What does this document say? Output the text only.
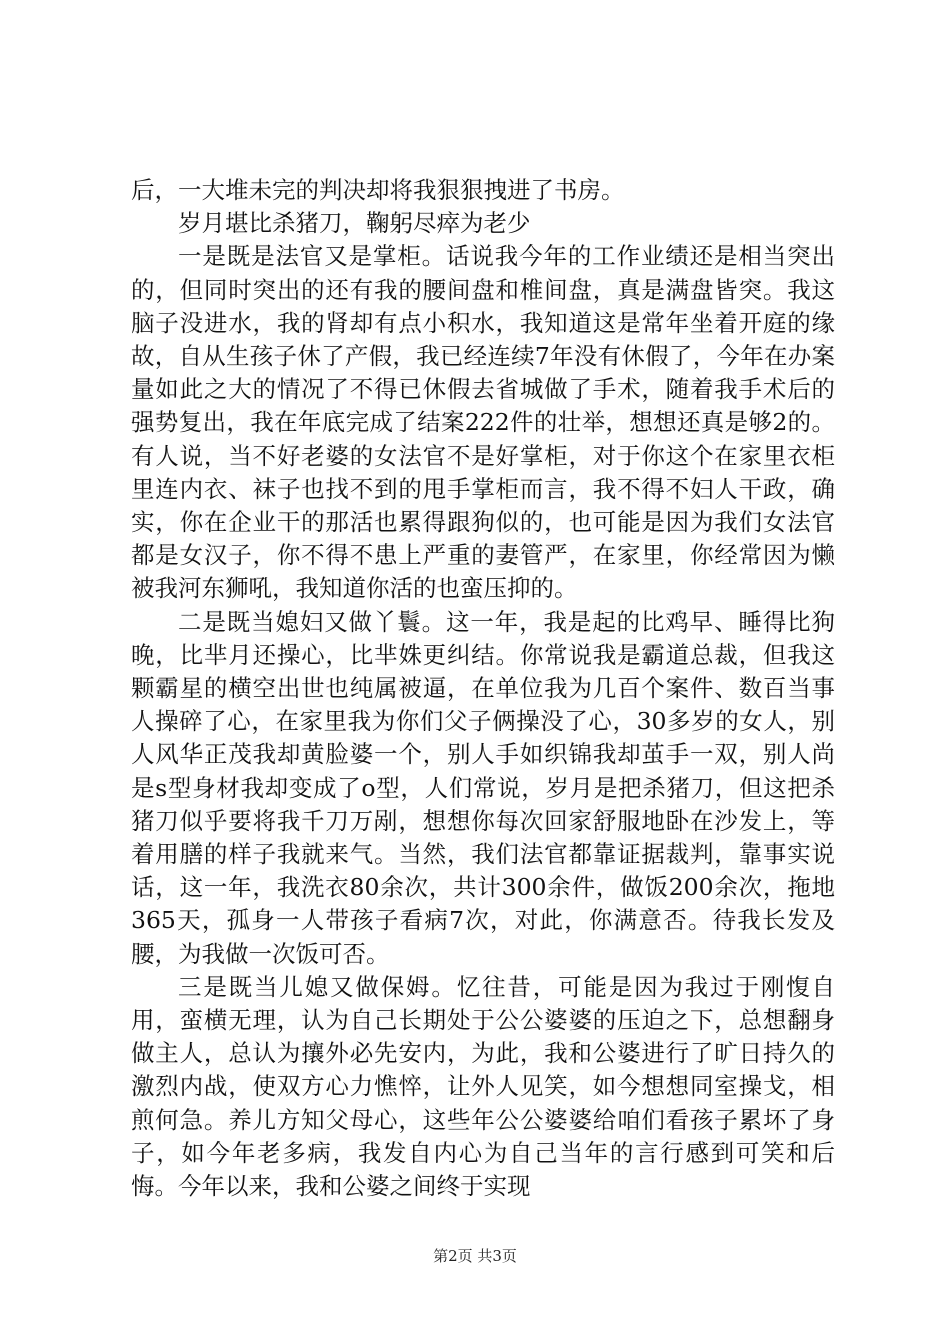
后，一大堆未完的判决却将我狠狠拽进了书房。

岁月堪比杀猪刀，鞠躬尽瘁为老少

一是既是法官又是掌柜。话说我今年的工作业绩还是相当突出的，但同时突出的还有我的腰间盘和椎间盘，真是满盘皆突。我这脑子没进水，我的肾却有点小积水，我知道这是常年坐着开庭的缘故，自从生孩子休了产假，我已经连续7年没有休假了，今年在办案量如此之大的情况了不得已休假去省城做了手术，随着我手术后的强势复出，我在年底完成了结案222件的壮举，想想还真是够2的。有人说，当不好老婆的女法官不是好掌柜，对于你这个在家里衣柜里连内衣、袜子也找不到的甩手掌柜而言，我不得不妇人干政，确实，你在企业干的那活也累得跟狗似的，也可能是因为我们女法官都是女汉子，你不得不患上严重的妻管严，在家里，你经常因为懒被我河东狮吼，我知道你活的也蛮压抑的。

二是既当媳妇又做丫鬟。这一年，我是起的比鸡早、睡得比狗晚，比芈月还操心，比芈姝更纠结。你常说我是霸道总裁，但我这颗霸星的横空出世也纯属被逼，在单位我为几百个案件、数百当事人操碎了心，在家里我为你们父子俩操没了心，30多岁的女人，别人风华正茂我却黄脸婆一个，别人手如织锦我却茧手一双，别人尚是s型身材我却变成了o型，人们常说，岁月是把杀猪刀，但这把杀猪刀似乎要将我千刀万剐，想想你每次回家舒服地卧在沙发上，等着用膳的样子我就来气。当然，我们法官都靠证据裁判，靠事实说话，这一年，我洗衣80余次，共计300余件，做饭200余次，拖地365天，孤身一人带孩子看病7次，对此，你满意否。待我长发及腰，为我做一次饭可否。

三是既当儿媳又做保姆。忆往昔，可能是因为我过于刚愎自用，蛮横无理，认为自己长期处于公公婆婆的压迫之下，总想翻身做主人，总认为攘外必先安内，为此，我和公婆进行了旷日持久的激烈内战，使双方心力憔悴，让外人见笑，如今想想同室操戈，相煎何急。养儿方知父母心，这些年公公婆婆给咱们看孩子累坏了身子，如今年老多病，我发自内心为自己当年的言行感到可笑和后悔。今年以来，我和公婆之间终于实现

第2页 共3页
